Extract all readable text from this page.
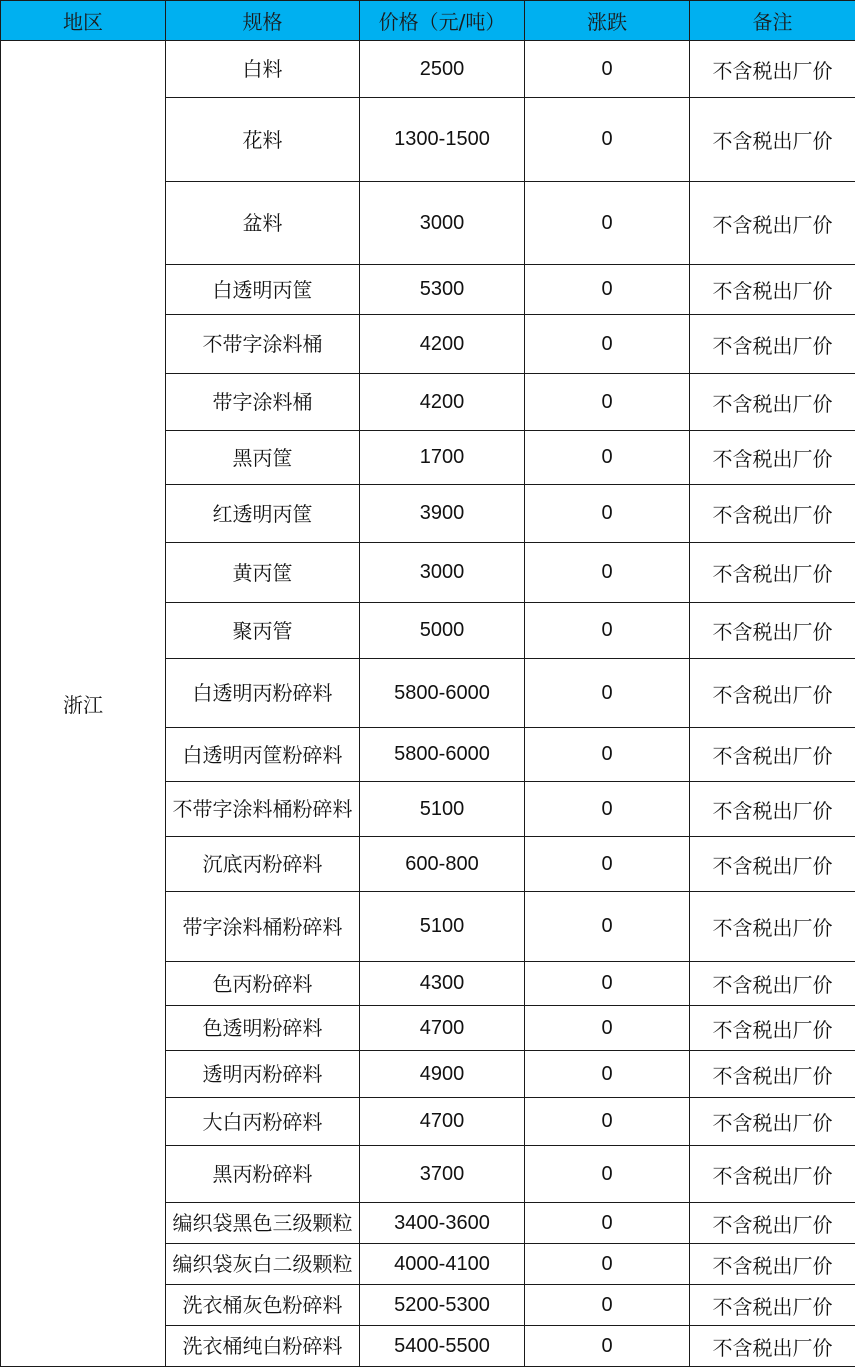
地区	规格	价格（元/吨）	涨跌	备注
浙江	白料	2500	0	不含税出厂价
	花料	1300-1500	0	不含税出厂价
	盆料	3000	0	不含税出厂价
	白透明丙筐	5300	0	不含税出厂价
	不带字涂料桶	4200	0	不含税出厂价
	带字涂料桶	4200	0	不含税出厂价
	黑丙筐	1700	0	不含税出厂价
	红透明丙筐	3900	0	不含税出厂价
	黄丙筐	3000	0	不含税出厂价
	聚丙管	5000	0	不含税出厂价
	白透明丙粉碎料	5800-6000	0	不含税出厂价
	白透明丙筐粉碎料	5800-6000	0	不含税出厂价
	不带字涂料桶粉碎料	5100	0	不含税出厂价
	沉底丙粉碎料	600-800	0	不含税出厂价
	带字涂料桶粉碎料	5100	0	不含税出厂价
	色丙粉碎料	4300	0	不含税出厂价
	色透明粉碎料	4700	0	不含税出厂价
	透明丙粉碎料	4900	0	不含税出厂价
	大白丙粉碎料	4700	0	不含税出厂价
	黑丙粉碎料	3700	0	不含税出厂价
	编织袋黑色三级颗粒	3400-3600	0	不含税出厂价
	编织袋灰白二级颗粒	4000-4100	0	不含税出厂价
	洗衣桶灰色粉碎料	5200-5300	0	不含税出厂价
	洗衣桶纯白粉碎料	5400-5500	0	不含税出厂价
